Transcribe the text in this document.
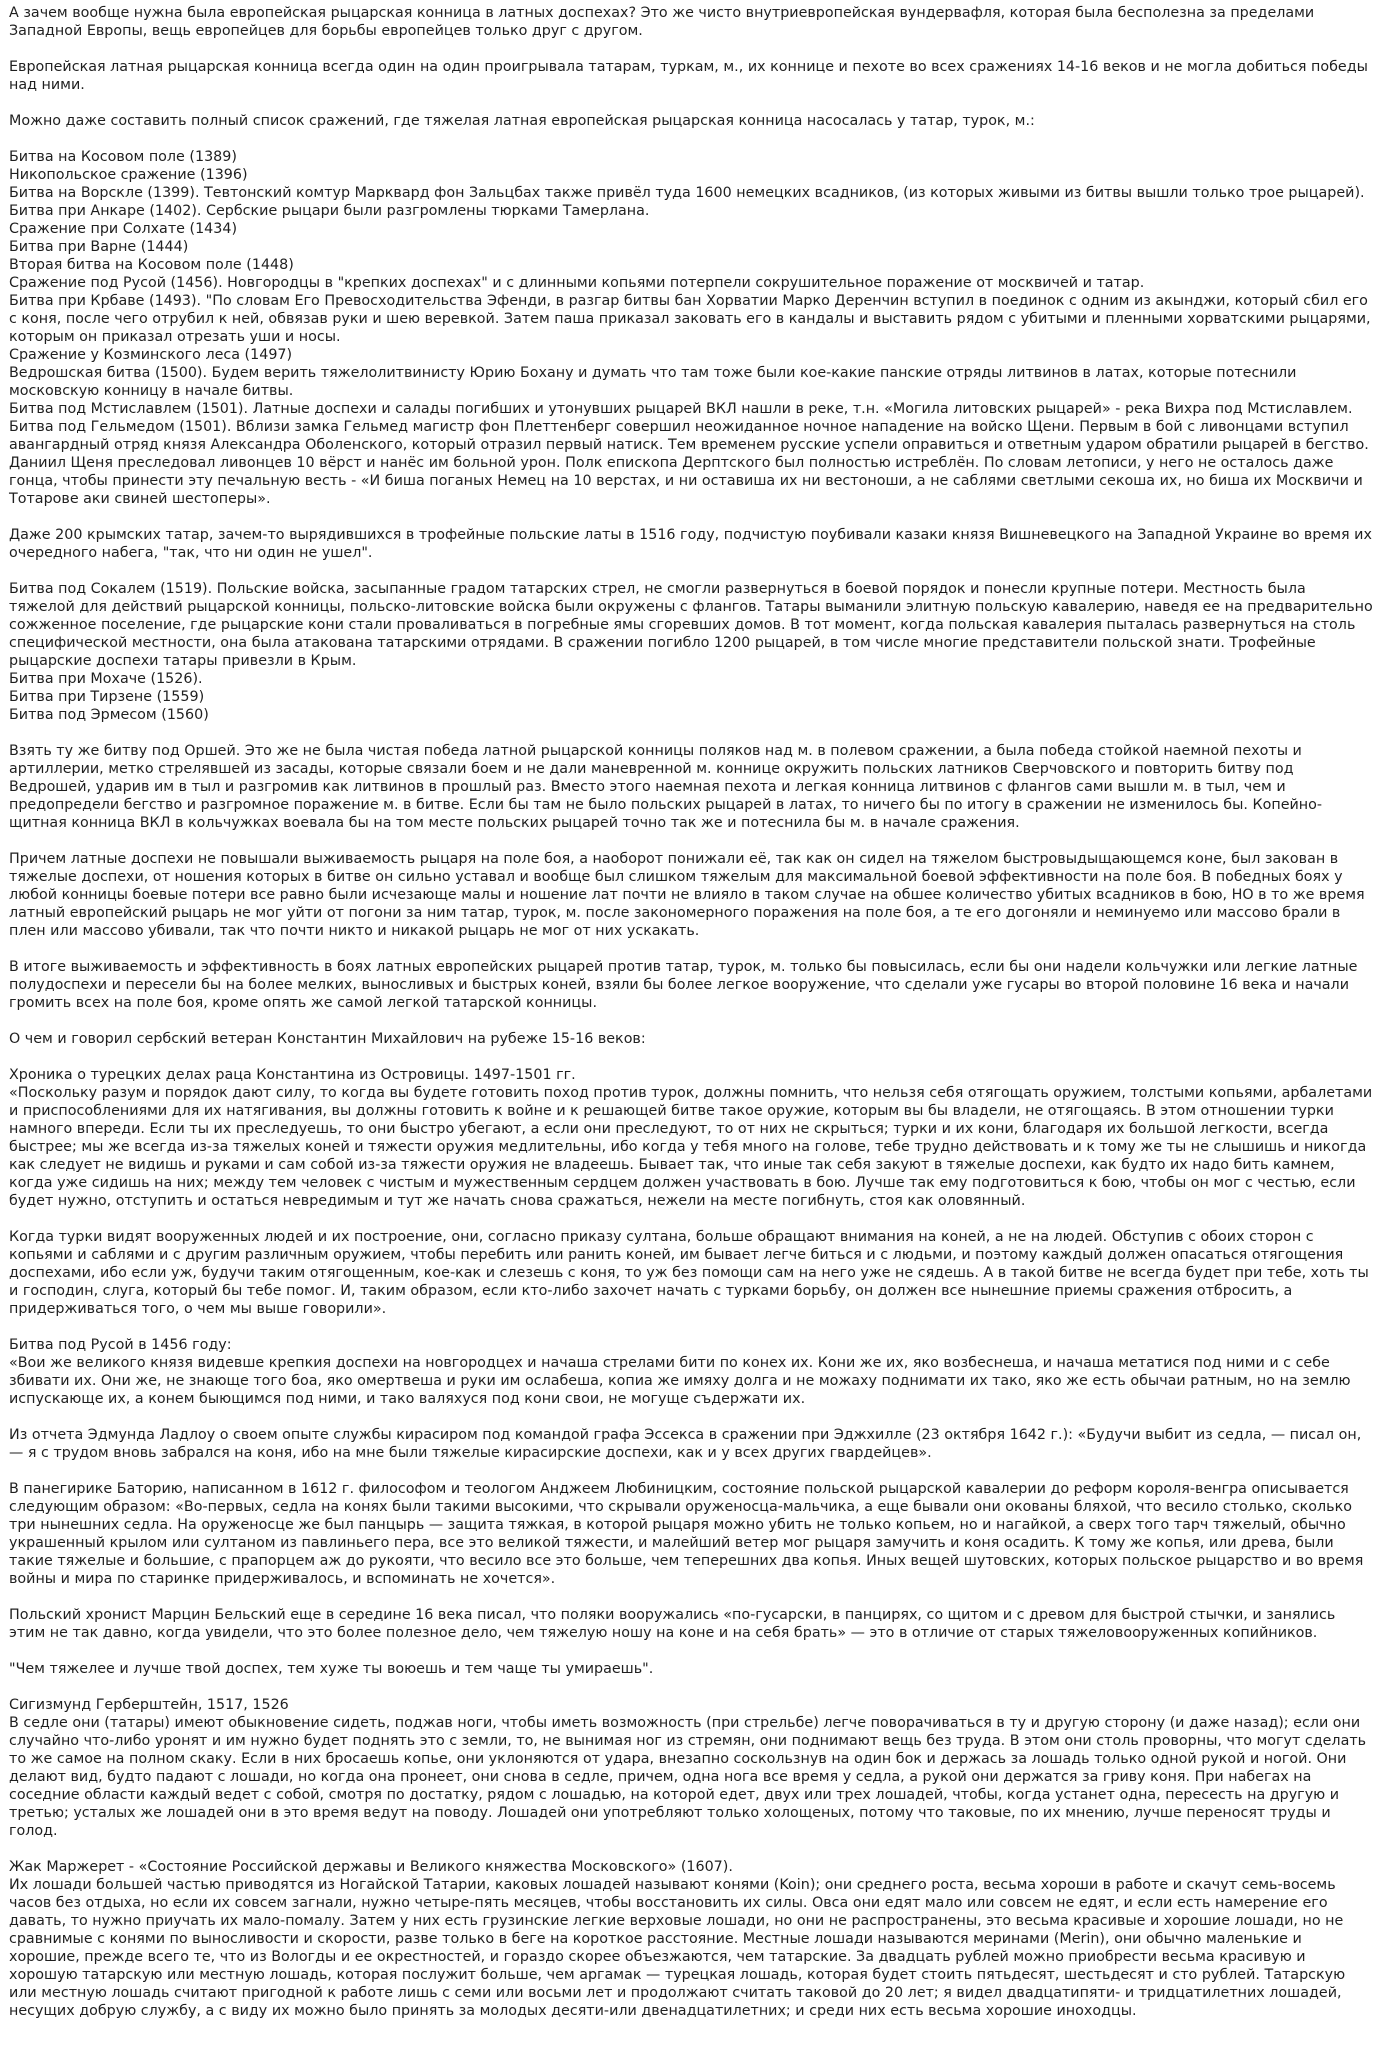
А зачем вообще нужна была европейская рыцарская конница в латных доспехах? Это же чисто внутриевропейская вундервафля, которая была бесполезна за пределами Западной Европы, вещь европейцев для борьбы европейцев только друг с другом.

Европейская латная рыцарская конница всегда один на один проигрывала татарам, туркам, м., их коннице и пехоте во всех сражениях 14-16 веков и не могла добиться победы над ними.

Можно даже составить полный список сражений, где тяжелая латная европейская рыцарская конница насосалась у татар, турок, м.:

Битва на Косовом поле (1389)
Никопольское сражение (1396)
Битва на Ворскле (1399). Тевтонский комтур Марквард фон Зальцбах также привёл туда 1600 немецких всадников, (из которых живыми из битвы вышли только трое рыцарей).
Битва при Анкаре (1402). Сербские рыцари были разгромлены тюрками Тамерлана.
Сражение при Солхате (1434)
Битва при Варне (1444)
Вторая битва на Косовом поле (1448)
Сражение под Русой (1456). Новгородцы в "крепких доспехах" и с длинными копьями потерпели сокрушительное поражение от москвичей и татар.
Битва при Крбаве (1493). "По словам Его Превосходительства Эфенди, в разгар битвы бан Хорватии Марко Деренчин вступил в поединок с одним из акынджи, который сбил его с коня, после чего отрубил к ней, обвязав руки и шею веревкой. Затем паша приказал заковать его в кандалы и выставить рядом с убитыми и пленными хорватскими рыцарями, которым он приказал отрезать уши и носы.
Сражение у Козминского леса (1497)
Ведрошская битва (1500). Будем верить тяжелолитвинисту Юрию Бохану и думать что там тоже были кое-какие панские отряды литвинов в латах, которые потеснили московскую конницу в начале битвы.
Битва под Мстиславлем (1501). Латные доспехи и салады погибших и утонувших рыцарей ВКЛ нашли в реке, т.н. «Могила литовских рыцарей» - река Вихра под Мстиславлем.
Битва под Гельмедом (1501). Вблизи замка Гельмед магистр фон Плеттенберг совершил неожиданное ночное нападение на войско Щени. Первым в бой с ливонцами вступил авангардный отряд князя Александра Оболенского, который отразил первый натиск. Тем временем русские успели оправиться и ответным ударом обратили рыцарей в бегство. Даниил Щеня преследовал ливонцев 10 вёрст и нанёс им больной урон. Полк епископа Дерптского был полностью истреблён. По словам летописи, у него не осталось даже гонца, чтобы принести эту печальную весть - «И биша поганых Немец на 10 верстах, и ни оставиша их ни вестоноши, а не саблями светлыми секоша их, но биша их Москвичи и Тотарове аки свиней шестоперы».

Даже 200 крымских татар, зачем-то вырядившихся в трофейные польские латы в 1516 году, подчистую поубивали казаки князя Вишневецкого на Западной Украине во время их очередного набега, "так, что ни один не ушел".

Битва под Сокалем (1519). Польские войска, засыпанные градом татарских стрел, не смогли развернуться в боевой порядок и понесли крупные потери. Местность была тяжелой для действий рыцарской конницы, польско-литовские войска были окружены с флангов. Татары выманили элитную польскую кавалерию, наведя ее на предварительно сожженное поселение, где рыцарские кони стали проваливаться в погребные ямы сгоревших домов. В тот момент, когда польская кавалерия пыталась развернуться на столь специфической местности, она была атакована татарскими отрядами. В сражении погибло 1200 рыцарей, в том числе многие представители польской знати. Трофейные рыцарские доспехи татары привезли в Крым.
Битва при Мохаче (1526).
Битва при Тирзене (1559)
Битва под Эрмесом (1560)

Взять ту же битву под Оршей. Это же не была чистая победа латной рыцарской конницы поляков над м. в полевом сражении, а была победа стойкой наемной пехоты и артиллерии, метко стрелявшей из засады, которые связали боем и не дали маневренной м. коннице окружить польских латников Сверчовского и повторить битву под Ведрошей, ударив им в тыл и разгромив как литвинов в прошлый раз. Вместо этого наемная пехота и легкая конница литвинов с флангов сами вышли м. в тыл, чем и предопредели бегство и разгромное поражение м. в битве. Если бы там не было польских рыцарей в латах, то ничего бы по итогу в сражении не изменилось бы. Копейно-щитная конница ВКЛ в кольчужках воевала бы на том месте польских рыцарей точно так же и потеснила бы м. в начале сражения.

Причем латные доспехи не повышали выживаемость рыцаря на поле боя, а наоборот понижали её, так как он сидел на тяжелом быстровыдыщающемся коне, был закован в тяжелые доспехи, от ношения которых в битве он сильно уставал и вообще был слишком тяжелым для максимальной боевой эффективности на поле боя. В победных боях у любой конницы боевые потери все равно были исчезающе малы и ношение лат почти не влияло в таком случае на обшее количество убитых всадников в бою, НО в то же время латный европейский рыцарь не мог уйти от погони за ним татар, турок, м. после закономерного поражения на поле боя, а те его догоняли и неминуемо или массово брали в плен или массово убивали, так что почти никто и никакой рыцарь не мог от них ускакать.

В итоге выживаемость и эффективность в боях латных европейских рыцарей против татар, турок, м. только бы повысилась, если бы они надели кольчужки или легкие латные полудоспехи и пересели бы на более мелких, выносливых и быстрых коней, взяли бы более легкое вооружение, что сделали уже гусары во второй половине 16 века и начали громить всех на поле боя, кроме опять же самой легкой татарской конницы.

О чем и говорил сербский ветеран Константин Михайлович на рубеже 15-16 веков:

Хроника о турецких делах раца Константина из Островицы. 1497-1501 гг.

«Поскольку разум и порядок дают силу, то когда вы будете готовить поход против турок, должны помнить, что нельзя себя отягощать оружием, толстыми копьями, арбалетами и приспособлениями для их натягивания, вы должны готовить к войне и к решающей битве такое оружие, которым вы бы владели, не отягощаясь. В этом отношении турки намного впереди. Если ты их преследуешь, то они быстро убегают, а если они преследуют, то от них не скрыться; турки и их кони, благодаря их большой легкости, всегда быстрее; мы же всегда из-за тяжелых коней и тяжести оружия медлительны, ибо когда у тебя много на голове, тебе трудно действовать и к тому же ты не слышишь и никогда как следует не видишь и руками и сам собой из-за тяжести оружия не владеешь. Бывает так, что иные так себя закуют в тяжелые доспехи, как будто их надо бить камнем, когда уже сидишь на них; между тем человек с чистым и мужественным сердцем должен участвовать в бою. Лучше так ему подготовиться к бою, чтобы он мог с честью, если будет нужно, отступить и остаться невредимым и тут же начать снова сражаться, нежели на месте погибнуть, стоя как оловянный.

Когда турки видят вооруженных людей и их построение, они, согласно приказу султана, больше обращают внимания на коней, а не на людей. Обступив с обоих сторон с копьями и саблями и с другим различным оружием, чтобы перебить или ранить коней, им бывает легче биться и с людьми, и поэтому каждый должен опасаться отягощения доспехами, ибо если уж, будучи таким отягощенным, кое-как и слезешь с коня, то уж без помощи сам на него уже не сядешь. А в такой битве не всегда будет при тебе, хоть ты и господин, слуга, который бы тебе помог. И, таким образом, если кто-либо захочет начать с турками борьбу, он должен все нынешние приемы сражения отбросить, а придерживаться того, о чем мы выше говорили».

Битва под Русой в 1456 году:

«Вои же великого князя видевше крепкия доспехи на новгородцех и начаша стрелами бити по конех их. Кони же их, яко возбеснеша, и начаша метатися под ними и с себе збивати их. Они же, не знающе того боа, яко омертвеша и руки им ослабеша, копиа же имяху долга и не можаху поднимати их тако, яко же есть обычаи ратным, но на землю испускающе их, а конем быющимся под ними, и тако валяхуся под кони свои, не могуще съдержати их.

Из отчета Эдмунда Ладлоу о своем опыте службы кирасиром под командой графа Эссекса в сражении при Эджхилле (23 октября 1642 г.): «Будучи выбит из седла, — писал он, — я с трудом вновь забрался на коня, ибо на мне были тяжелые кирасирские доспехи, как и у всех других гвардейцев».

В панегирике Баторию, написанном в 1612 г. философом и теологом Анджеем Любиницким, состояние польской рыцарской кавалерии до реформ короля-венгра описывается следующим образом: «Во-первых, седла на конях были такими высокими, что скрывали оруженосца-мальчика, а еще бывали они окованы бляхой, что весило столько, сколько три нынешних седла. На оруженосце же был панцырь — защита тяжкая, в которой рыцаря можно убить не только копьем, но и нагайкой, а сверх того тарч тяжелый, обычно украшенный крылом или султаном из павлиньего пера, все это великой тяжести, и малейший ветер мог рыцаря замучить и коня осадить. К тому же копья, или древа, были такие тяжелые и большие, с прапорцем аж до рукояти, что весило все это больше, чем теперешних два копья. Иных вещей шутовских, которых польское рыцарство и во время войны и мира по старинке придерживалось, и вспоминать не хочется».

Польский хронист Марцин Бельский еще в середине 16 века писал, что поляки вооружались «по-гусарски, в панцирях, со щитом и с древом для быстрой стычки, и занялись этим не так давно, когда увидели, что это более полезное дело, чем тяжелую ношу на коне и на себя брать» — это в отличие от старых тяжеловооруженных копийников.

"Чем тяжелее и лучше твой доспех, тем хуже ты воюешь и тем чаще ты умираешь".

Сигизмунд Герберштейн, 1517, 1526

В седле они (татары) имеют обыкновение сидеть, поджав ноги, чтобы иметь возможность (при стрельбе) легче поворачиваться в ту и другую сторону (и даже назад); если они случайно что-либо уронят и им нужно будет поднять это с земли, то, не вынимая ног из стремян, они поднимают вещь без труда. В этом они столь проворны, что могут сделать то же самое на полном скаку. Если в них бросаешь копье, они уклоняются от удара, внезапно соскользнув на один бок и держась за лошадь только одной рукой и ногой. Они делают вид, будто падают с лошади, но когда она пронеет, они снова в седле, причем, одна нога все время у седла, а рукой они держатся за гриву коня. При набегах на соседние области каждый ведет с собой, смотря по достатку, рядом с лошадью, на которой едет, двух или трех лошадей, чтобы, когда устанет одна, пересесть на другую и третью; усталых же лошадей они в это время ведут на поводу. Лошадей они употребляют только холощеных, потому что таковые, по их мнению, лучше переносят труды и голод.

Жак Маржерет - «Состояние Российской державы и Великого княжества Московского» (1607).

Их лошади большей частью приводятся из Ногайской Татарии, каковых лошадей называют конями (Koin); они среднего роста, весьма хороши в работе и скачут семь-восемь часов без отдыха, но если их совсем загнали, нужно четыре-пять месяцев, чтобы восстановить их силы. Овса они едят мало или совсем не едят, и если есть намерение его давать, то нужно приучать их мало-помалу. Затем у них есть грузинские легкие верховые лошади, но они не распространены, это весьма красивые и хорошие лошади, но не сравнимые с конями по выносливости и скорости, разве только в беге на короткое расстояние. Местные лошади называются меринами (Merin), они обычно маленькие и хорошие, прежде всего те, что из Вологды и ее окрестностей, и гораздо скорее объезжаются, чем татарские. За двадцать рублей можно приобрести весьма красивую и хорошую татарскую или местную лошадь, которая послужит больше, чем аргамак — турецкая лошадь, которая будет стоить пятьдесят, шестьдесят и сто рублей. Татарскую или местную лошадь считают пригодной к работе лишь с семи или восьми лет и продолжают считать таковой до 20 лет; я видел двадцатипяти- и тридцатилетних лошадей, несущих добрую службу, а с виду их можно было принять за молодых десяти-или двенадцатилетних; и среди них есть весьма хорошие иноходцы.
